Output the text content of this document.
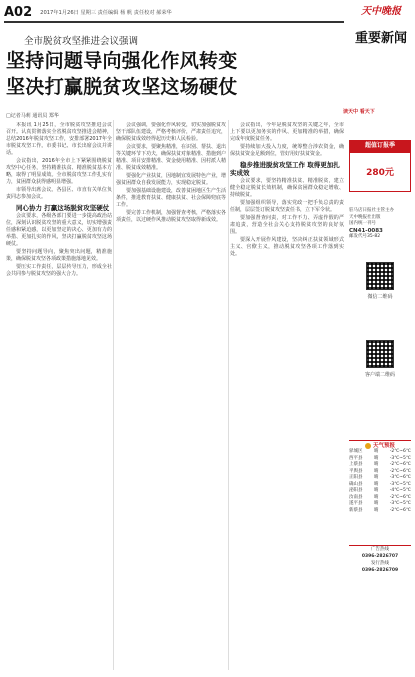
A02 2017年1月26日 星期三 责任编辑 杨 帆 责任校对 郝荣华	天中晚报
重要新闻
全市脱贫攻坚推进会议强调
坚持问题导向强化作风转变
坚决打赢脱贫攻坚这场硬仗
□记者马莉 通讯员 郑华

本报讯 1月25日，全市脱贫攻坚推进会议召开。认真贯彻落实全省脱贫攻坚推进会精神，总结2016年脱贫攻坚工作，安排部署2017年全市脱贫攻坚工作。市委书记、市长出席会议并讲话。

会议指出，2016年全市上下紧紧围绕脱贫攻坚中心任务，坚持精准扶贫、精准脱贫基本方略，取得了明显成效。全市脱贫攻坚工作扎实有力，贫困群众获得感明显增强。

市领导出席会议。各县区、市直有关单位负责同志参加会议。

同心协力 打赢这场脱贫攻坚硬仗

会议要求，各级各部门要进一步提高政治站位，深刻认识脱贫攻坚的重大意义，切实增强责任感和紧迫感，以更加坚定的决心、更加有力的举措、更加扎实的作风，坚决打赢脱贫攻坚这场硬仗。

要坚持问题导向，聚焦突出问题，精准施策，确保脱贫攻坚各项政策措施落地见效。

要压实工作责任，层层传导压力，形成全社会共同参与脱贫攻坚的强大合力。

会议强调，要强化作风转变，切实加强脱贫攻坚干部队伍建设，严格考核评价，严肃责任追究，确保脱贫成效经得起历史和人民检验。

会议要求，要聚焦精准，在识别、帮扶、退出等关键环节下功夫，确保扶贫对象精准、措施到户精准、项目安排精准、资金使用精准、因村派人精准、脱贫成效精准。

要强化产业扶贫，因地制宜发展特色产业，增强贫困群众自我发展能力，实现稳定脱贫。

要加强基础设施建设，改善贫困地区生产生活条件，推进教育扶贫、健康扶贫、社会保障兜底等工作。

要完善工作机制，加强督查考核，严格落实各项责任，以过硬作风推动脱贫攻坚取得新成效。

会议指出，今年是脱贫攻坚的关键之年，全市上下要以更加务实的作风、更加精准的举措，确保完成年度脱贫任务。

要持续加大投入力度，统筹整合涉农资金，确保扶贫资金足额到位，管好用好扶贫资金。

稳步推进脱贫攻坚工作 取得更加扎实成效

会议要求，要坚持精准扶贫、精准脱贫，建立健全稳定脱贫长效机制，确保贫困群众稳定增收、持续脱贫。

要加强组织领导，落实党政一把手负总责的责任制，层层签订脱贫攻坚责任书，立下军令状。

要加强督查问责，对工作不力、弄虚作假的严肃追责，营造全社会关心支持脱贫攻坚的良好氛围。

要深入开展作风建设，坚决纠正扶贫领域形式主义、官僚主义，推动脱贫攻坚各项工作落到实处。

读天中 看天下
超值订报季
280元
驻马店日报社主管主办
天中晚报社出版
国内统一刊号
CN41-0083
邮发代号35-82
微信二维码
客户端二维码
天气预报
驿城区	晴	-2℃~6℃
西平县	晴	-3℃~5℃
上蔡县	晴	-2℃~6℃
平舆县	晴	-2℃~6℃
正阳县	晴	-3℃~6℃
确山县	晴	-3℃~5℃
泌阳县	晴	-4℃~5℃
汝南县	晴	-2℃~6℃
遂平县	晴	-3℃~5℃
新蔡县	晴	-2℃~6℃
广告热线
0396-2826707
发行热线
0396-2826709
